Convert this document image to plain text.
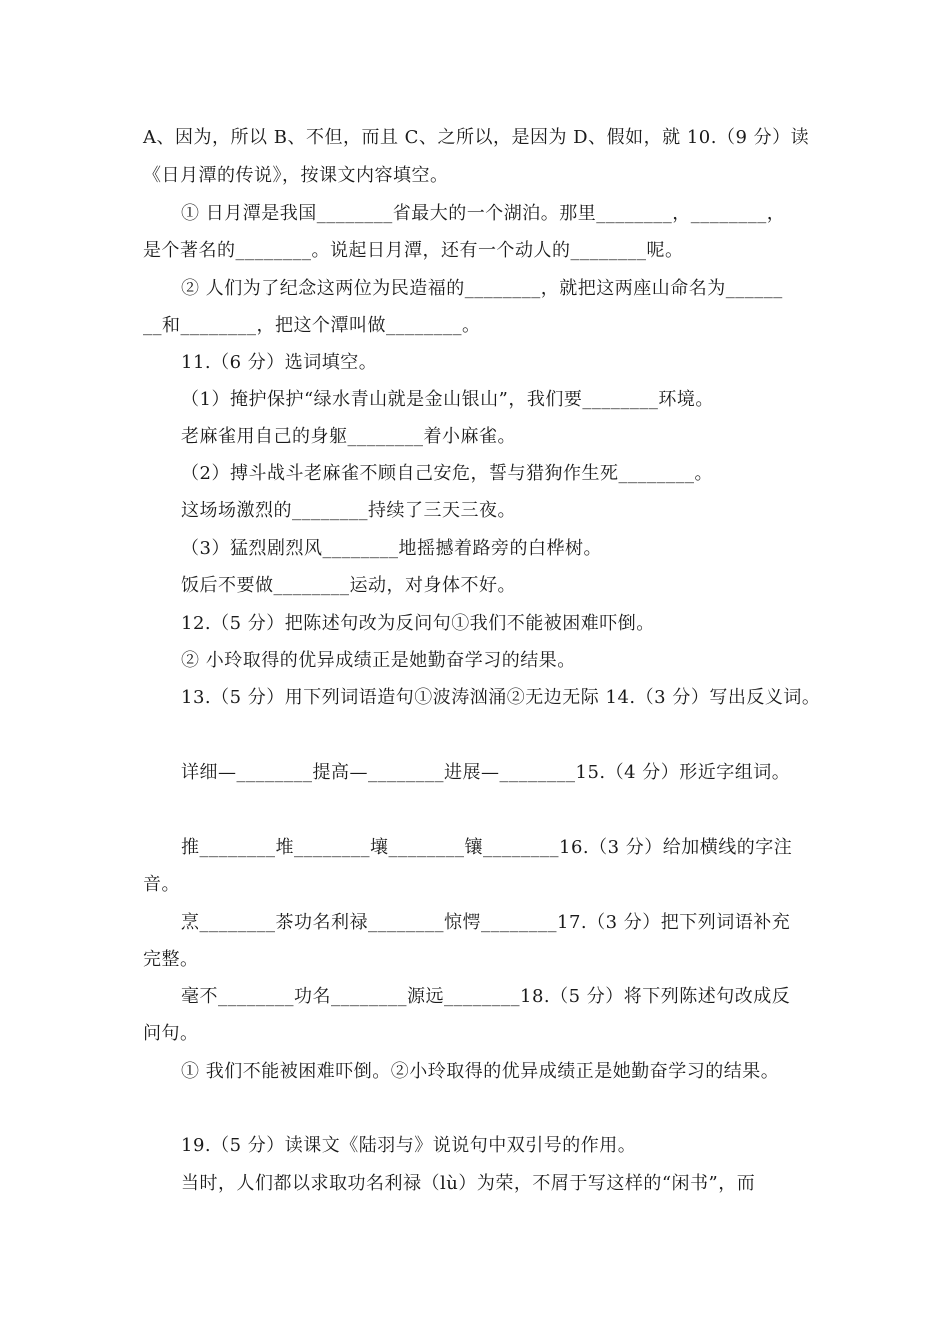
A、因为，所以 B、不但，而且 C、之所以，是因为 D、假如，就 10.（9 分）读
《日月潭的传说》，按课文内容填空。
① 日月潭是我国________省最大的一个湖泊。那里________，________，
是个著名的________。说起日月潭，还有一个动人的________呢。
② 人们为了纪念这两位为民造福的________，就把这两座山命名为______
__和________，把这个潭叫做________。
11.（6 分）选词填空。
（1）掩护保护“绿水青山就是金山银山”，我们要________环境。
老麻雀用自己的身躯________着小麻雀。
（2）搏斗战斗老麻雀不顾自己安危，誓与猎狗作生死________。
这场场激烈的________持续了三天三夜。
（3）猛烈剧烈风________地摇撼着路旁的白桦树。
饭后不要做________运动，对身体不好。
12.（5 分）把陈述句改为反问句①我们不能被困难吓倒。
② 小玲取得的优异成绩正是她勤奋学习的结果。
13.（5 分）用下列词语造句①波涛汹涌②无边无际 14.（3 分）写出反义词。
详细—________提高—________进展—________15.（4 分）形近字组词。
推________堆________壤________镶________16.（3 分）给加横线的字注
音。
烹________茶功名利禄________惊愕________17.（3 分）把下列词语补充
完整。
毫不________功名________源远________18.（5 分）将下列陈述句改成反
问句。
① 我们不能被困难吓倒。②小玲取得的优异成绩正是她勤奋学习的结果。
19.（5 分）读课文《陆羽与》说说句中双引号的作用。
当时，人们都以求取功名利禄（lù）为荣，不屑于写这样的“闲书”，而
